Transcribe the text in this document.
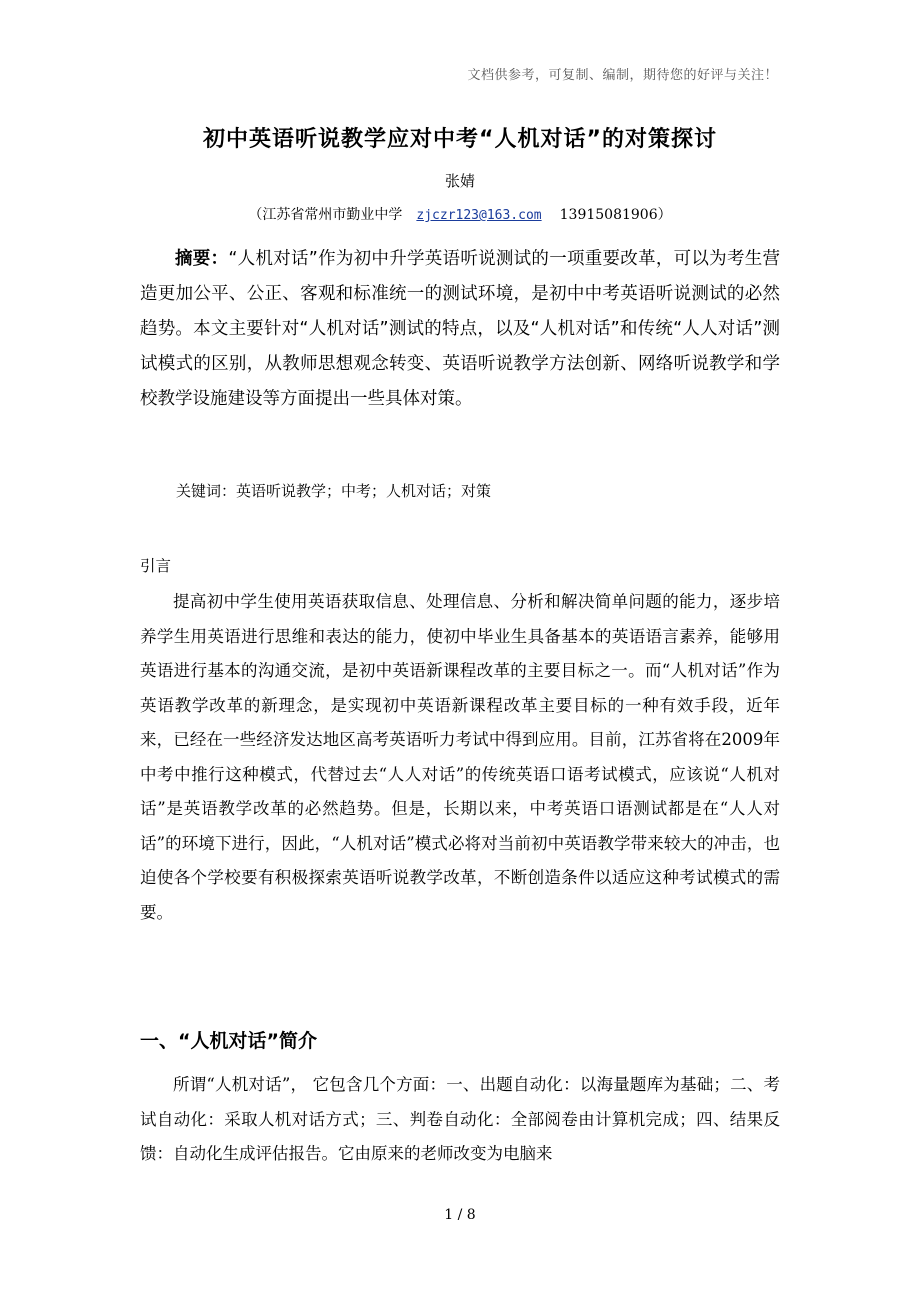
文档供参考，可复制、编制，期待您的好评与关注！
初中英语听说教学应对中考“人机对话”的对策探讨
张婧
（江苏省常州市勤业中学 zjczr123@163.com 13915081906）
摘要：“人机对话”作为初中升学英语听说测试的一项重要改革，可以为考生营造更加公平、公正、客观和标准统一的测试环境，是初中中考英语听说测试的必然趋势。本文主要针对“人机对话”测试的特点，以及“人机对话”和传统“人人对话”测试模式的区别，从教师思想观念转变、英语听说教学方法创新、网络听说教学和学校教学设施建设等方面提出一些具体对策。
关键词：英语听说教学；中考；人机对话；对策
引言
提高初中学生使用英语获取信息、处理信息、分析和解决简单问题的能力，逐步培养学生用英语进行思维和表达的能力，使初中毕业生具备基本的英语语言素养，能够用英语进行基本的沟通交流，是初中英语新课程改革的主要目标之一。而“人机对话”作为英语教学改革的新理念，是实现初中英语新课程改革主要目标的一种有效手段，近年来，已经在一些经济发达地区高考英语听力考试中得到应用。目前，江苏省将在2009年中考中推行这种模式，代替过去“人人对话”的传统英语口语考试模式，应该说“人机对话”是英语教学改革的必然趋势。但是，长期以来，中考英语口语测试都是在“人人对话”的环境下进行，因此，“人机对话”模式必将对当前初中英语教学带来较大的冲击，也迫使各个学校要有积极探索英语听说教学改革，不断创造条件以适应这种考试模式的需要。
一、“人机对话”简介
所谓“人机对话”， 它包含几个方面：一、出题自动化：以海量题库为基础；二、考试自动化：采取人机对话方式；三、判卷自动化：全部阅卷由计算机完成；四、结果反馈：自动化生成评估报告。它由原来的老师改变为电脑来
1 / 8
